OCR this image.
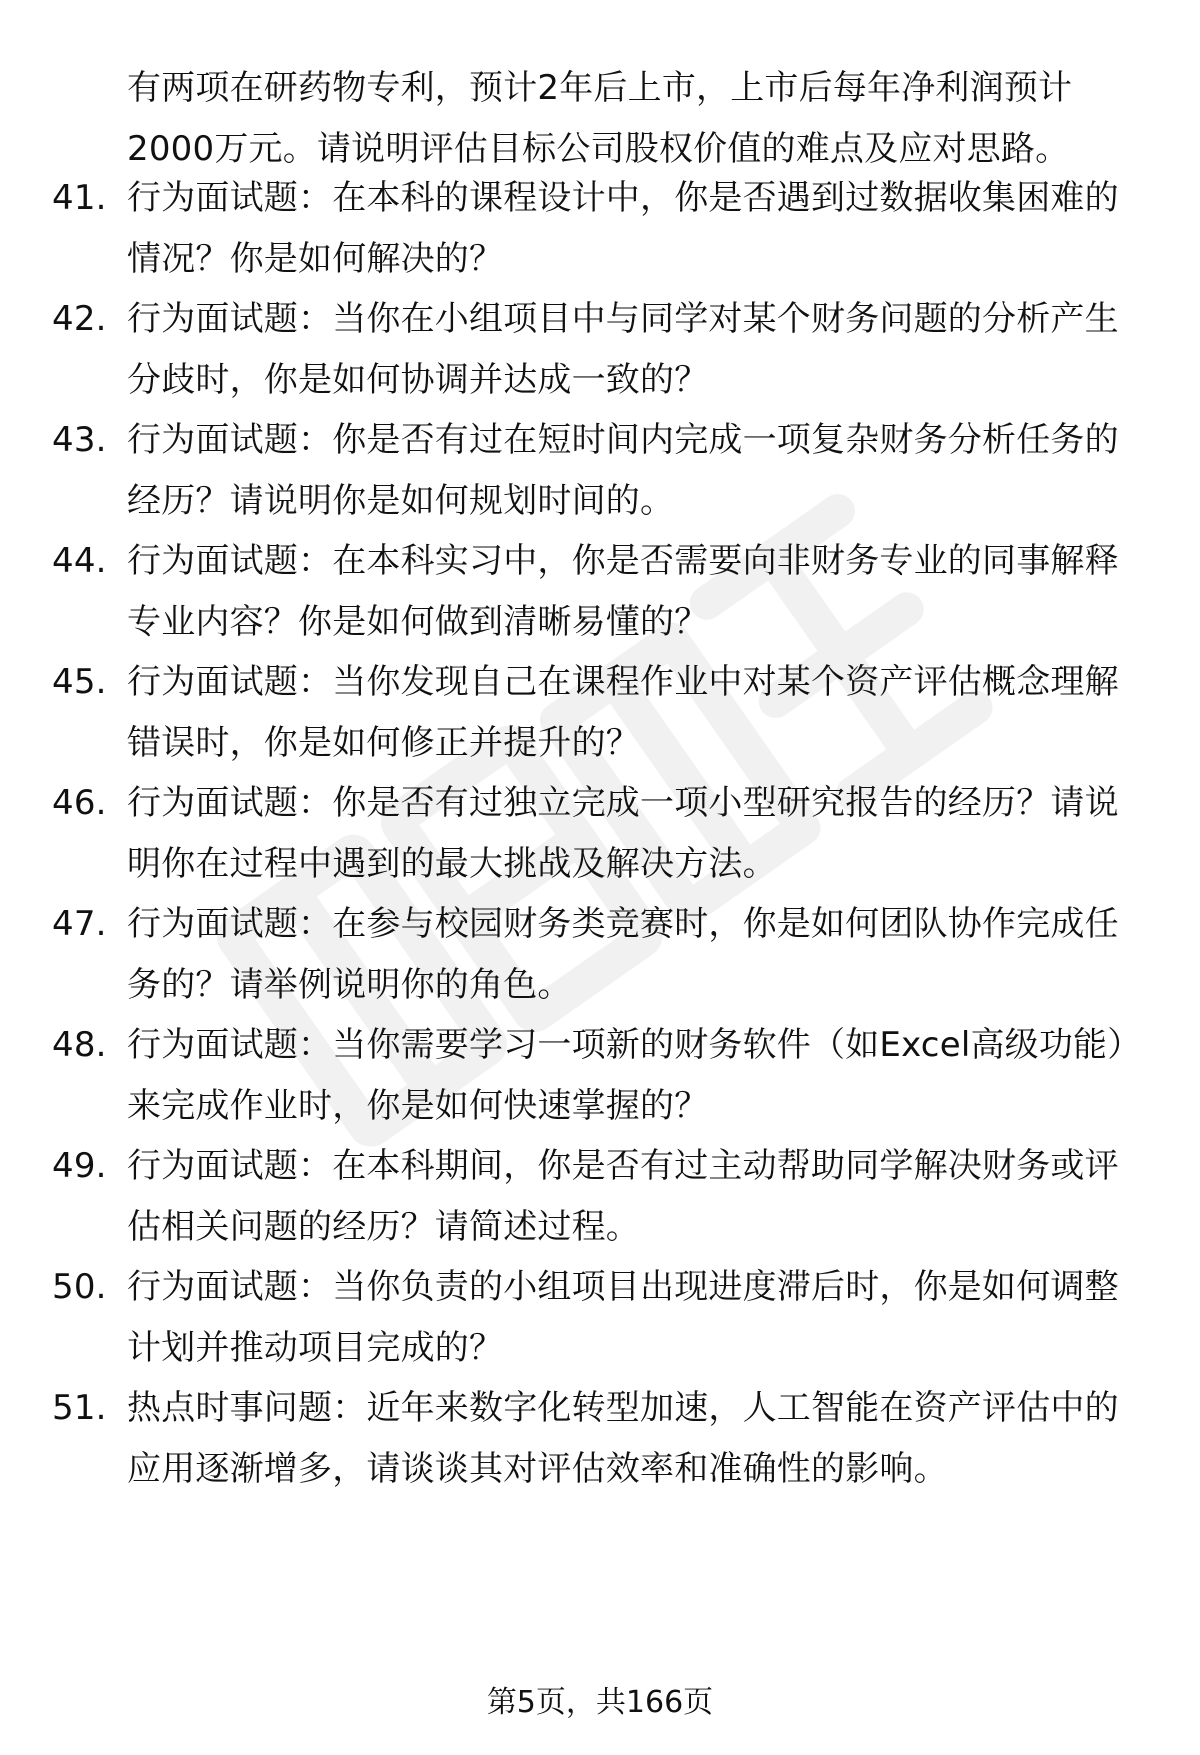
有两项在研药物专利，预计2年后上市，上市后每年净利润预计2000万元。请说明评估目标公司股权价值的难点及应对思路。
41. 行为面试题：在本科的课程设计中，你是否遇到过数据收集困难的情况？你是如何解决的？
42. 行为面试题：当你在小组项目中与同学对某个财务问题的分析产生分歧时，你是如何协调并达成一致的？
43. 行为面试题：你是否有过在短时间内完成一项复杂财务分析任务的经历？请说明你是如何规划时间的。
44. 行为面试题：在本科实习中，你是否需要向非财务专业的同事解释专业内容？你是如何做到清晰易懂的？
45. 行为面试题：当你发现自己在课程作业中对某个资产评估概念理解错误时，你是如何修正并提升的？
46. 行为面试题：你是否有过独立完成一项小型研究报告的经历？请说明你在过程中遇到的最大挑战及解决方法。
47. 行为面试题：在参与校园财务类竞赛时，你是如何团队协作完成任务的？请举例说明你的角色。
48. 行为面试题：当你需要学习一项新的财务软件（如Excel高级功能）来完成作业时，你是如何快速掌握的？
49. 行为面试题：在本科期间，你是否有过主动帮助同学解决财务或评估相关问题的经历？请简述过程。
50. 行为面试题：当你负责的小组项目出现进度滞后时，你是如何调整计划并推动项目完成的？
51. 热点时事问题：近年来数字化转型加速，人工智能在资产评估中的应用逐渐增多，请谈谈其对评估效率和准确性的影响。
第5页，共166页
